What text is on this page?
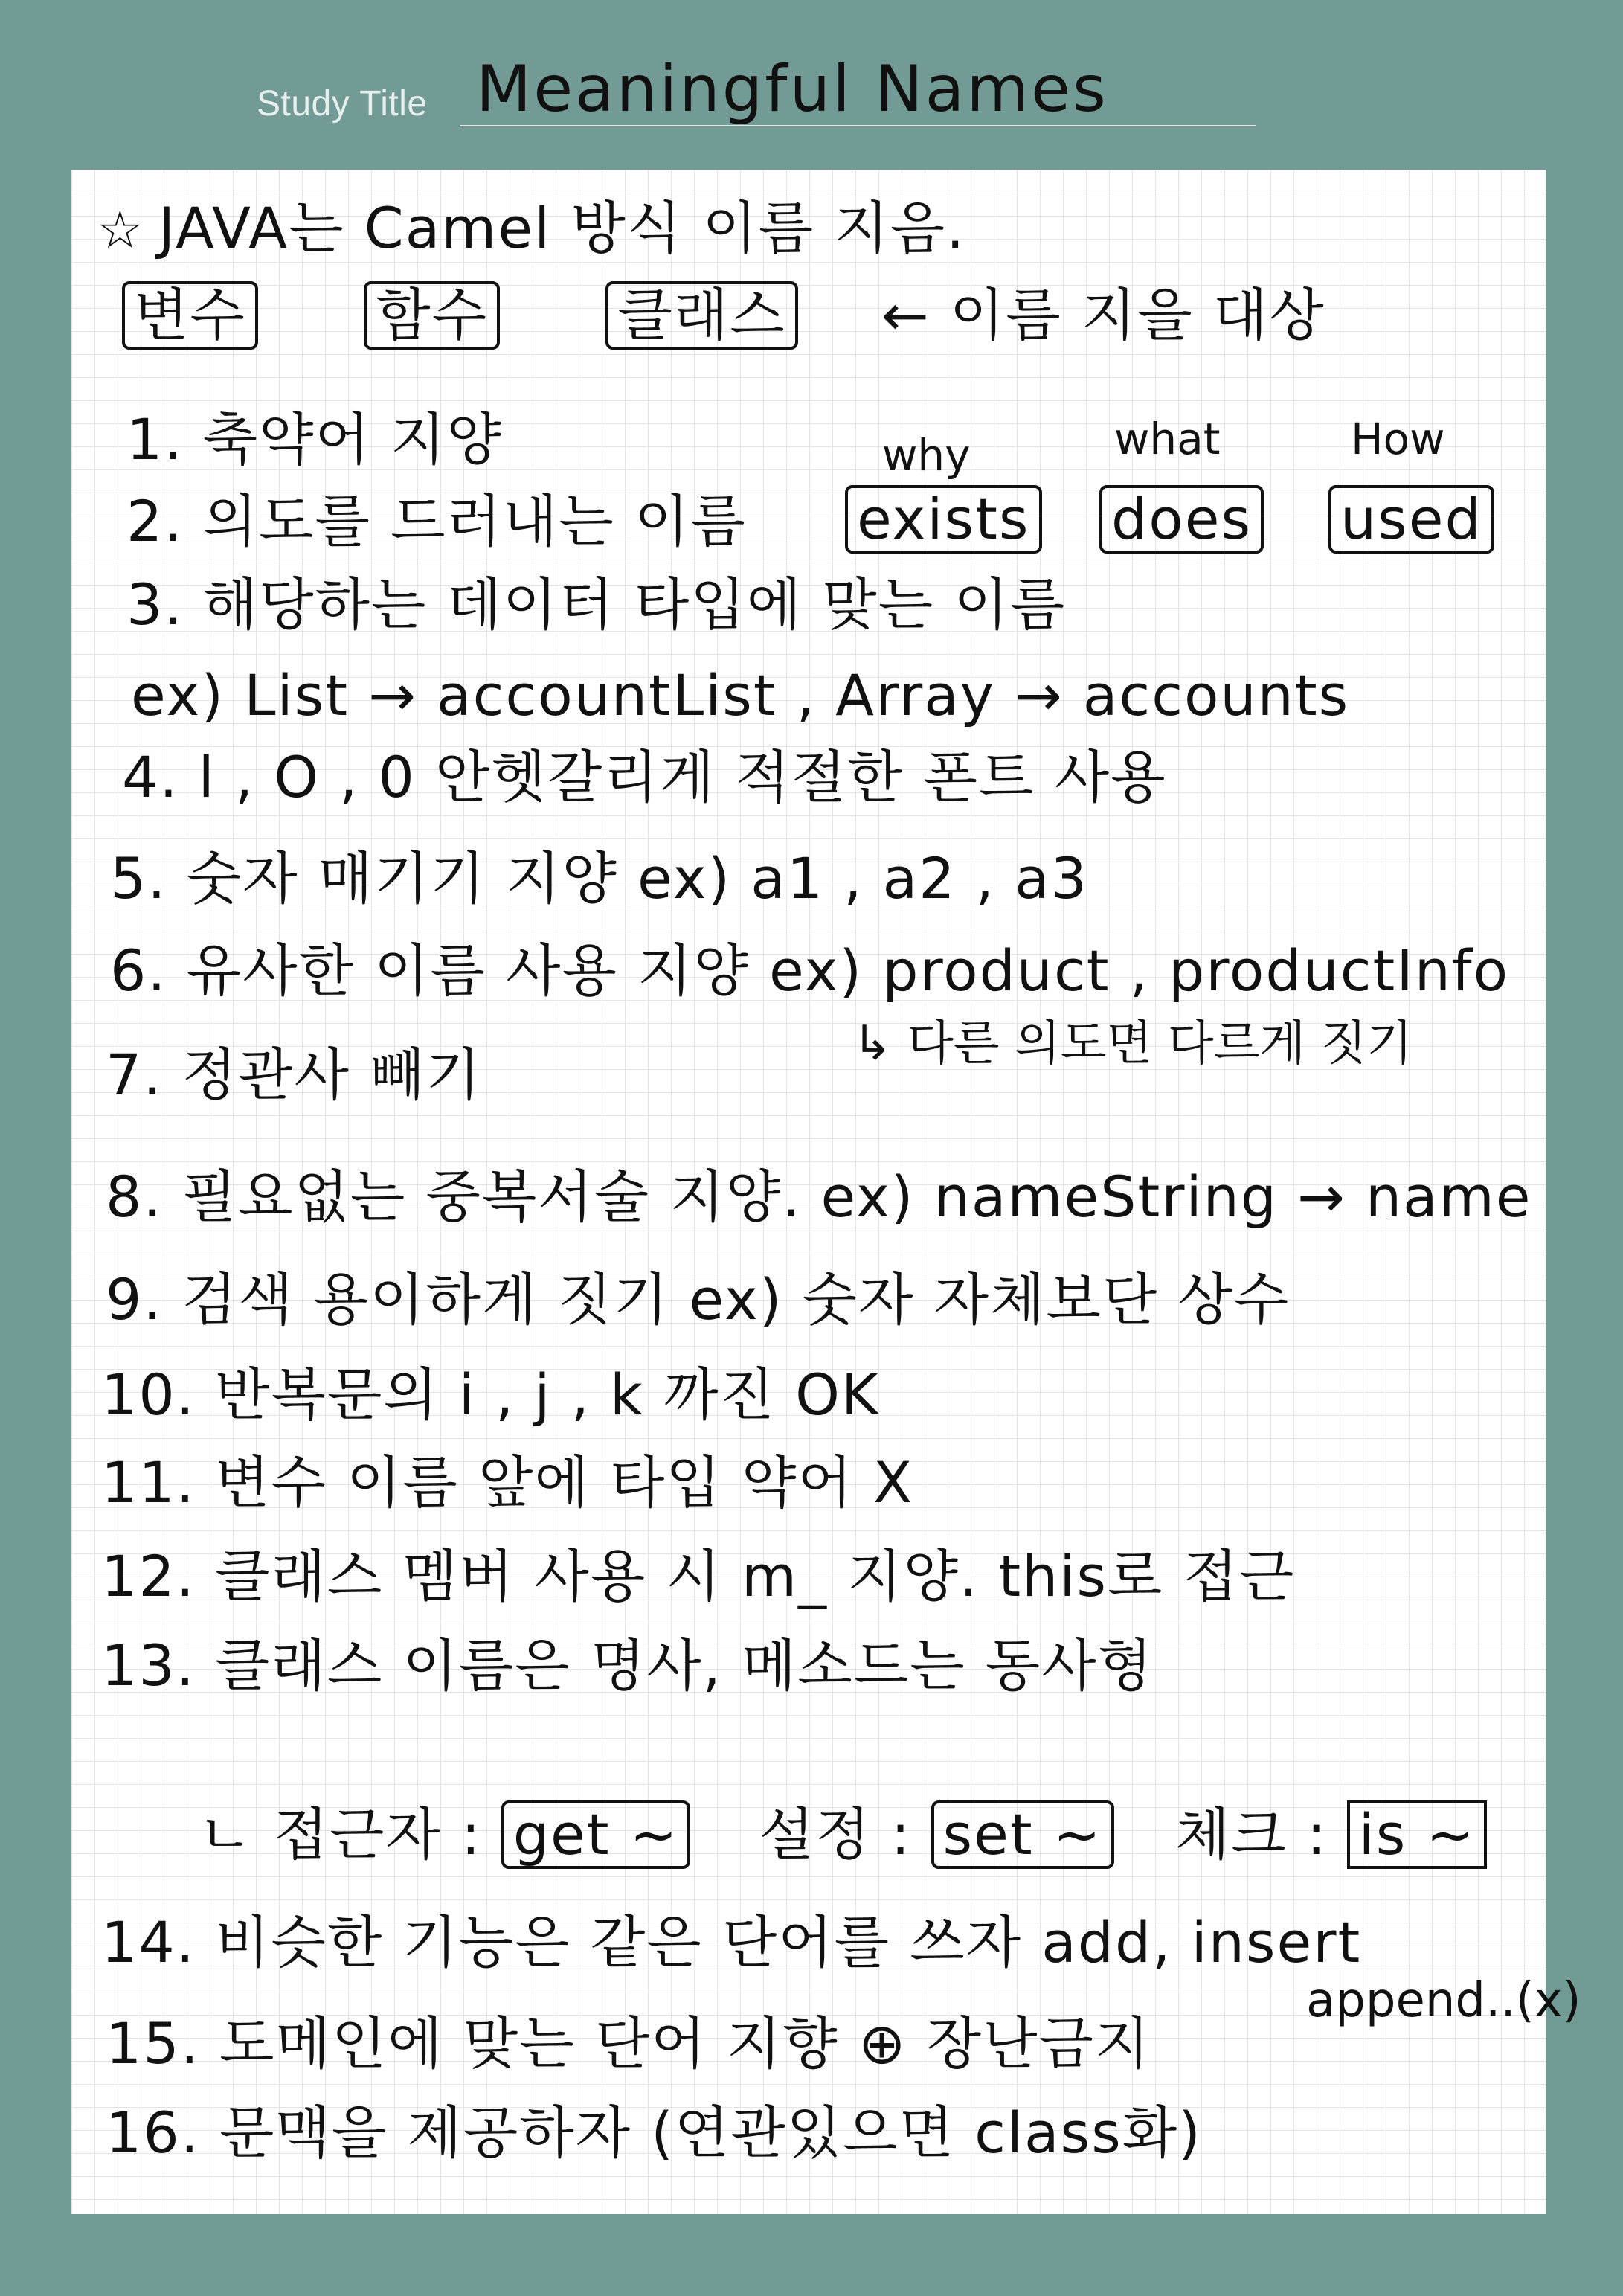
Study Title Meaningful Names
☆ JAVA는 Camel 방식 이름 지음.
변수 함수 클래스 ← 이름 지을 대상
1. 축약어 지양	why	what	How
2. 의도를 드러내는 이름 exists does used
3. 해당하는 데이터 타입에 맞는 이름
ex) List → accountList , Array → accounts
4. l , O , 0 안헷갈리게 적절한 폰트 사용
5. 숫자 매기기 지양 ex) a1 , a2 , a3
6. 유사한 이름 사용 지양 ex) product , productInfo
↳ 다른 의도면 다르게 짓기
7. 정관사 빼기
8. 필요없는 중복서술 지양. ex) nameString → name
9. 검색 용이하게 짓기 ex) 숫자 자체보단 상수
10. 반복문의 i , j , k 까진 OK
11. 변수 이름 앞에 타입 약어 X
12. 클래스 멤버 사용 시 m_ 지양. this로 접근
13. 클래스 이름은 명사, 메소드는 동사형
ㄴ 접근자 : get ~ 설정 : set ~ 체크 : is ~
14. 비슷한 기능은 같은 단어를 쓰자 add, insert
append..(x)
15. 도메인에 맞는 단어 지향 ⊕ 장난금지
16. 문맥을 제공하자 (연관있으면 class화)
